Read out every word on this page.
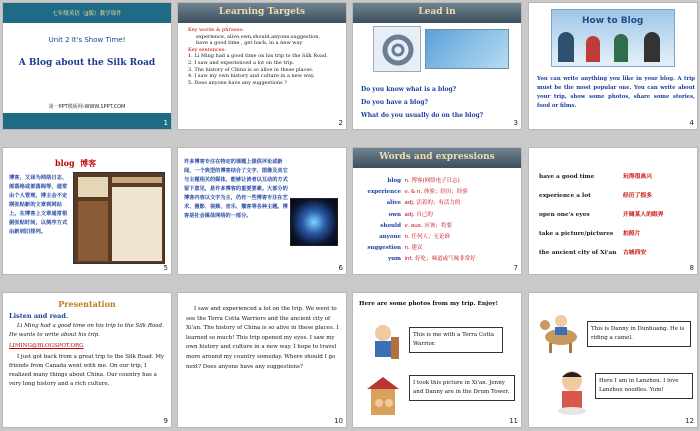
七年级英语（JJ版）教学课件
Unit 2 It's Show Time!
A Blog about the Silk Road
第一PPT模板网-WWW.1PPT.COM
1
Learning Targets
Key words & phrases:
experience, alive,own,should,anyone,suggestion,
have a good time , get back, in a new way
Key sentences:
1. Li Ming had a good time on his trip to the Silk Road.
2. I saw and experienced a lot on the trip.
3. The history of China is so alive in these places.
4. I saw my own history and culture in a new way.
5. Does anyone have any suggestions ?
2
Lead in
Do you know what is a blog?
Do you have a blog?
What do you usually do on the blog?
3
How to Blog
You can write anything you like in your blog. A trip must be the most popular one. You can write about your trip, show some photos, share some stories, food or films.
4
blog 博客
博客，又译为网络日志、部落格或部落阁等，通常由个人管理，博主会不定期张贴新的文章到网站上。在博客上文章通常根据张贴时间，以倒序方式由新到旧排列。
5
许多博客专注在特定的课题上提供评论或新闻，一个典型的博客结合了文字、图像及其它与主题相关的媒体，能够让读者以互动的方式留下意见，是许多博客的重要要素。大部分的博客内容以文字为主，仍有一些博客专注在艺术、摄影、视频、音乐、播客等各种主题。博客是社会媒体网络的一部分。
6
Words and expressions
blog n. 博客(网络电子日志)
experience v. & n. 体验；经历；经验
alive adj. 活着的；有活力的
own adj. 自己的
should v. aux. 应该；将要
anyone n. 任何人；无论谁
suggestion n. 建议
yum int. 好吃；味道或气味非常好
7
have a good time	玩得很高兴
experience a lot	经历了很多
open one's eyes	开阔某人的眼界
take a picture/pictures 拍照片
the ancient city of Xi'an 古城西安
8
Presentation
Listen and read.
Li Ming had a good time on his trip to the Silk Road.
He wants to write about his trip.
LIMING@BLOGSPOT.ORG
I just got back from a great trip to the Silk Road. My friends from Canada went with me. On our trip, I realized many things about China. Our country has a very long history and a rich culture.
9
I saw and experienced a lot on the trip. We went to see the Terra Cotta Warriors and the ancient city of Xi'an. The history of China is so alive in these places. I learned so much! This trip opened my eyes. I saw my own history and culture in a new way. I hope to travel more around my country someday. Where should I go next? Does anyone have any suggestions?
10
Here are some photos from my trip. Enjoy!
This is me with a Terra Cotta Warrior.
I took this picture in Xi'an. Jenny and Danny are in the Drum Tower.
11
This is Danny in Dunhuang. He is riding a camel.
Here I am in Lanzhou. I love Lanzhou noodles. Yum!
12
